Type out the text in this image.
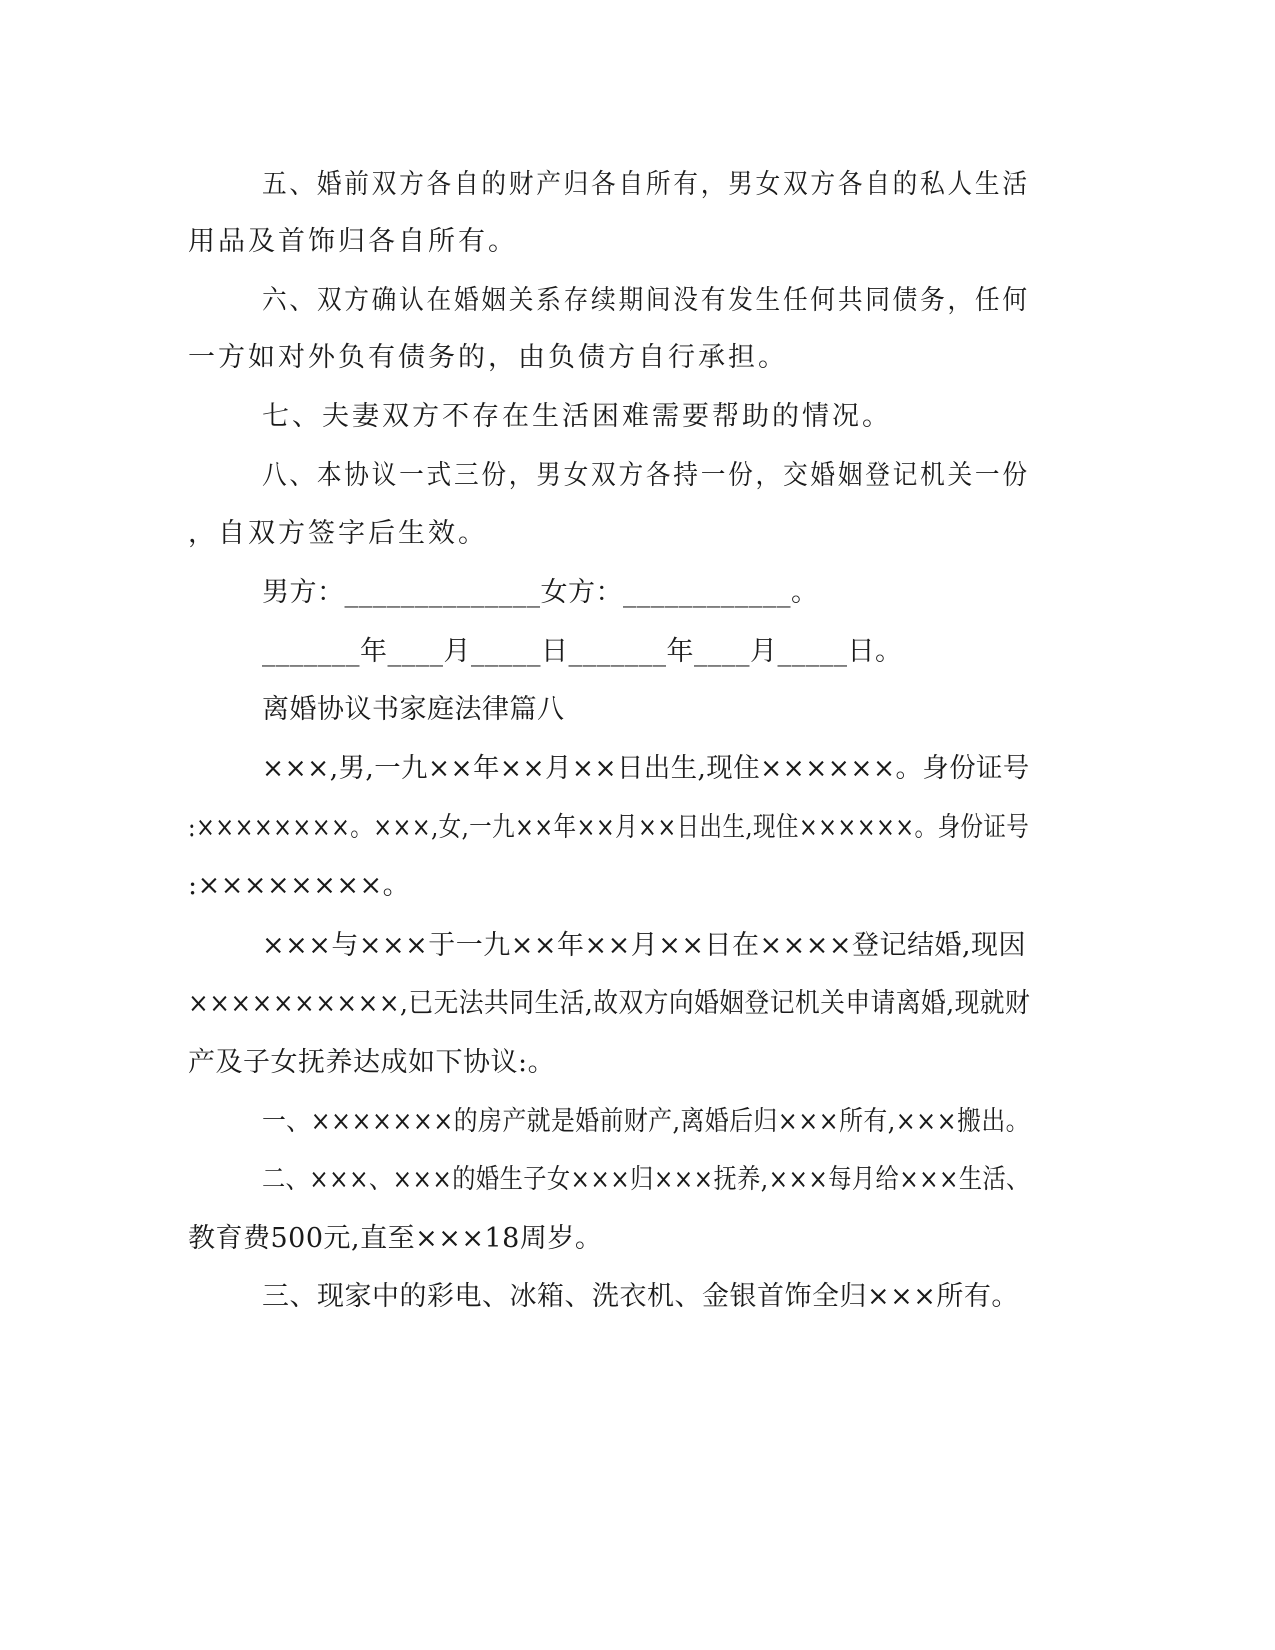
五、婚前双方各自的财产归各自所有，男女双方各自的私人生活
用品及首饰归各自所有。
六、双方确认在婚姻关系存续期间没有发生任何共同债务，任何
一方如对外负有债务的，由负债方自行承担。
七、夫妻双方不存在生活困难需要帮助的情况。
八、本协议一式三份，男女双方各持一份，交婚姻登记机关一份
，自双方签字后生效。
男方：______________女方：____________。
_______年____月_____日_______年____月_____日。
离婚协议书家庭法律篇八
×××,男,一九××年××月××日出生,现住××××××。身份证号
:××××××××。×××,女,一九××年××月××日出生,现住××××××。身份证号
:××××××××。
×××与×××于一九××年××月××日在××××登记结婚,现因
××××××××××,已无法共同生活,故双方向婚姻登记机关申请离婚,现就财
产及子女抚养达成如下协议:。
一、×××××××的房产就是婚前财产,离婚后归×××所有,×××搬出。
二、×××、×××的婚生子女×××归×××抚养,×××每月给×××生活、
教育费500元,直至×××18周岁。
三、现家中的彩电、冰箱、洗衣机、金银首饰全归×××所有。
